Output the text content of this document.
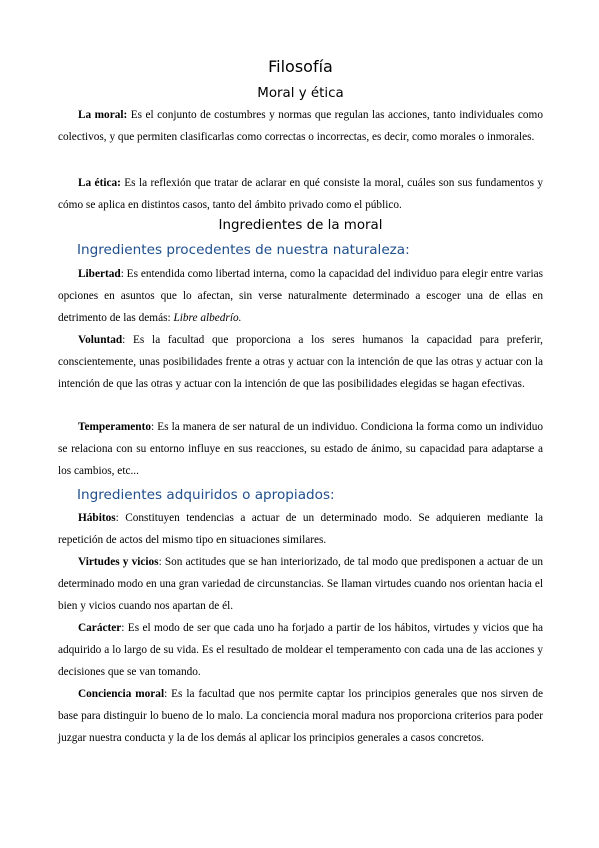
Filosofía
Moral y ética

La moral: Es el conjunto de costumbres y normas que regulan las acciones, tanto individuales como colectivos, y que permiten clasificarlas como correctas o incorrectas, es decir, como morales o inmorales.

La ética: Es la reflexión que tratar de aclarar en qué consiste la moral, cuáles son sus fundamentos y cómo se aplica en distintos casos, tanto del ámbito privado como el público.

Ingredientes de la moral
Ingredientes procedentes de nuestra naturaleza:

Libertad: Es entendida como libertad interna, como la capacidad del individuo para elegir entre varias opciones en asuntos que lo afectan, sin verse naturalmente determinado a escoger una de ellas en detrimento de las demás: Libre albedrío.

Voluntad: Es la facultad que proporciona a los seres humanos la capacidad para preferir, conscientemente, unas posibilidades frente a otras y actuar con la intención de que las otras y actuar con la intención de que las otras y actuar con la intención de que las posibilidades elegidas se hagan efectivas.

Temperamento: Es la manera de ser natural de un individuo. Condiciona la forma como un individuo se relaciona con su entorno influye en sus reacciones, su estado de ánimo, su capacidad para adaptarse a los cambios, etc...

Ingredientes adquiridos o apropiados:

Hábitos: Constituyen tendencias a actuar de un determinado modo. Se adquieren mediante la repetición de actos del mismo tipo en situaciones similares.

Virtudes y vicios: Son actitudes que se han interiorizado, de tal modo que predisponen a actuar de un determinado modo en una gran variedad de circunstancias. Se llaman virtudes cuando nos orientan hacia el bien y vicios cuando nos apartan de él.

Carácter: Es el modo de ser que cada uno ha forjado a partir de los hábitos, virtudes y vicios que ha adquirido a lo largo de su vida. Es el resultado de moldear el temperamento con cada una de las acciones y decisiones que se van tomando.

Conciencia moral: Es la facultad que nos permite captar los principios generales que nos sirven de base para distinguir lo bueno de lo malo. La conciencia moral madura nos proporciona criterios para poder juzgar nuestra conducta y la de los demás al aplicar los principios generales a casos concretos.
